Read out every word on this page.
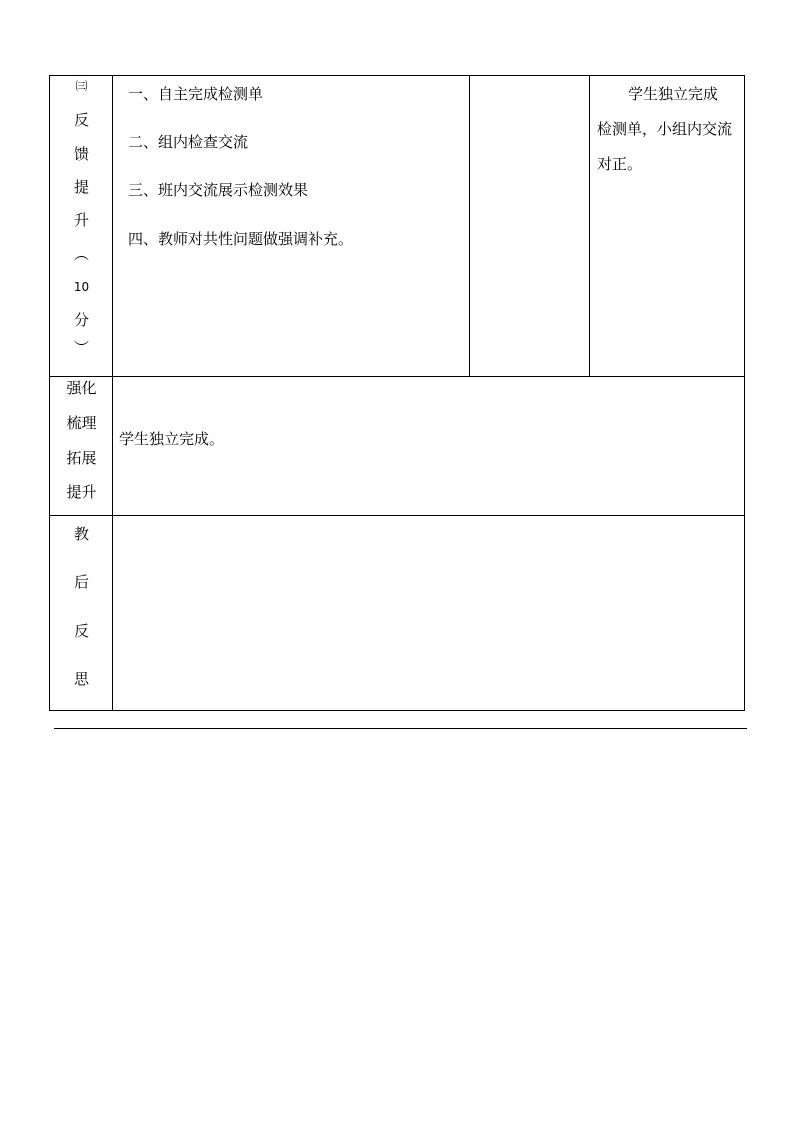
㈢
反
馈
提
升
︵
10
分
︶
一、自主完成检测单
二、组内检查交流
三、班内交流展示检测效果
四、教师对共性问题做强调补充。
学生独立完成
检测单，小组内交流
对正。
强化
梳理
拓展
提升
学生独立完成。
教
后
反
思
